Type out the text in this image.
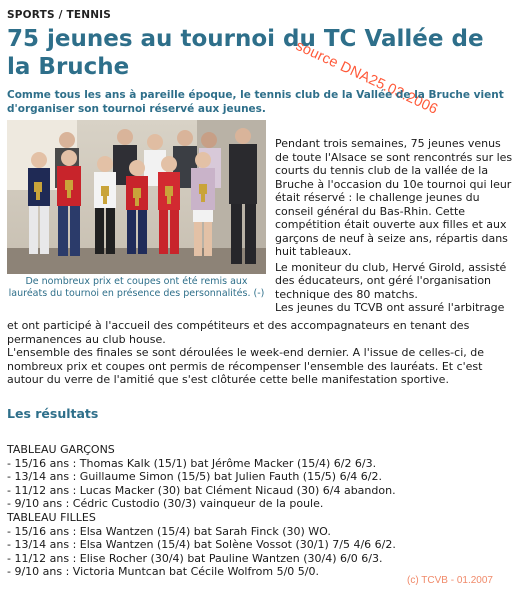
SPORTS / TENNIS
75 jeunes au tournoi du TC Vallée de la Bruche	source DNA25.03.2006
Comme tous les ans à pareille époque, le tennis club de la Vallée de la Bruche vient d'organiser son tournoi réservé aux jeunes.
De nombreux prix et coupes ont été remis aux lauréats du tournoi en présence des personnalités. (-)

Pendant trois semaines, 75 jeunes venus de toute l'Alsace se sont rencontrés sur les courts du tennis club de la vallée de la Bruche à l'occasion du 10e tournoi qui leur était réservé : le challenge jeunes du conseil général du Bas-Rhin. Cette compétition était ouverte aux filles et aux garçons de neuf à seize ans, répartis dans huit tableaux.

Le moniteur du club, Hervé Girold, assisté des éducateurs, ont géré l'organisation technique des 80 matchs.

Les jeunes du TCVB ont assuré l'arbitrage

et ont participé à l'accueil des compétiteurs et des accompagnateurs en tenant des permanences au club house.

L'ensemble des finales se sont déroulées le week-end dernier. A l'issue de celles-ci, de nombreux prix et coupes ont permis de récompenser l'ensemble des lauréats. Et c'est autour du verre de l'amitié que s'est clôturée cette belle manifestation sportive.

Les résultats
TABLEAU GARÇONS
- 15/16 ans : Thomas Kalk (15/1) bat Jérôme Macker (15/4) 6/2 6/3.
- 13/14 ans : Guillaume Simon (15/5) bat Julien Fauth (15/5) 6/4 6/2.
- 11/12 ans : Lucas Macker (30) bat Clément Nicaud (30) 6/4 abandon.
- 9/10 ans : Cédric Custodio (30/3) vainqueur de la poule.
TABLEAU FILLES
- 15/16 ans : Elsa Wantzen (15/4) bat Sarah Finck (30) WO.
- 13/14 ans : Elsa Wantzen (15/4) bat Solène Vossot (30/1) 7/5 4/6 6/2.
- 11/12 ans : Elise Rocher (30/4) bat Pauline Wantzen (30/4) 6/0 6/3.
- 9/10 ans : Victoria Muntcan bat Cécile Wolfrom 5/0 5/0.
(c) TCVB - 01.2007
